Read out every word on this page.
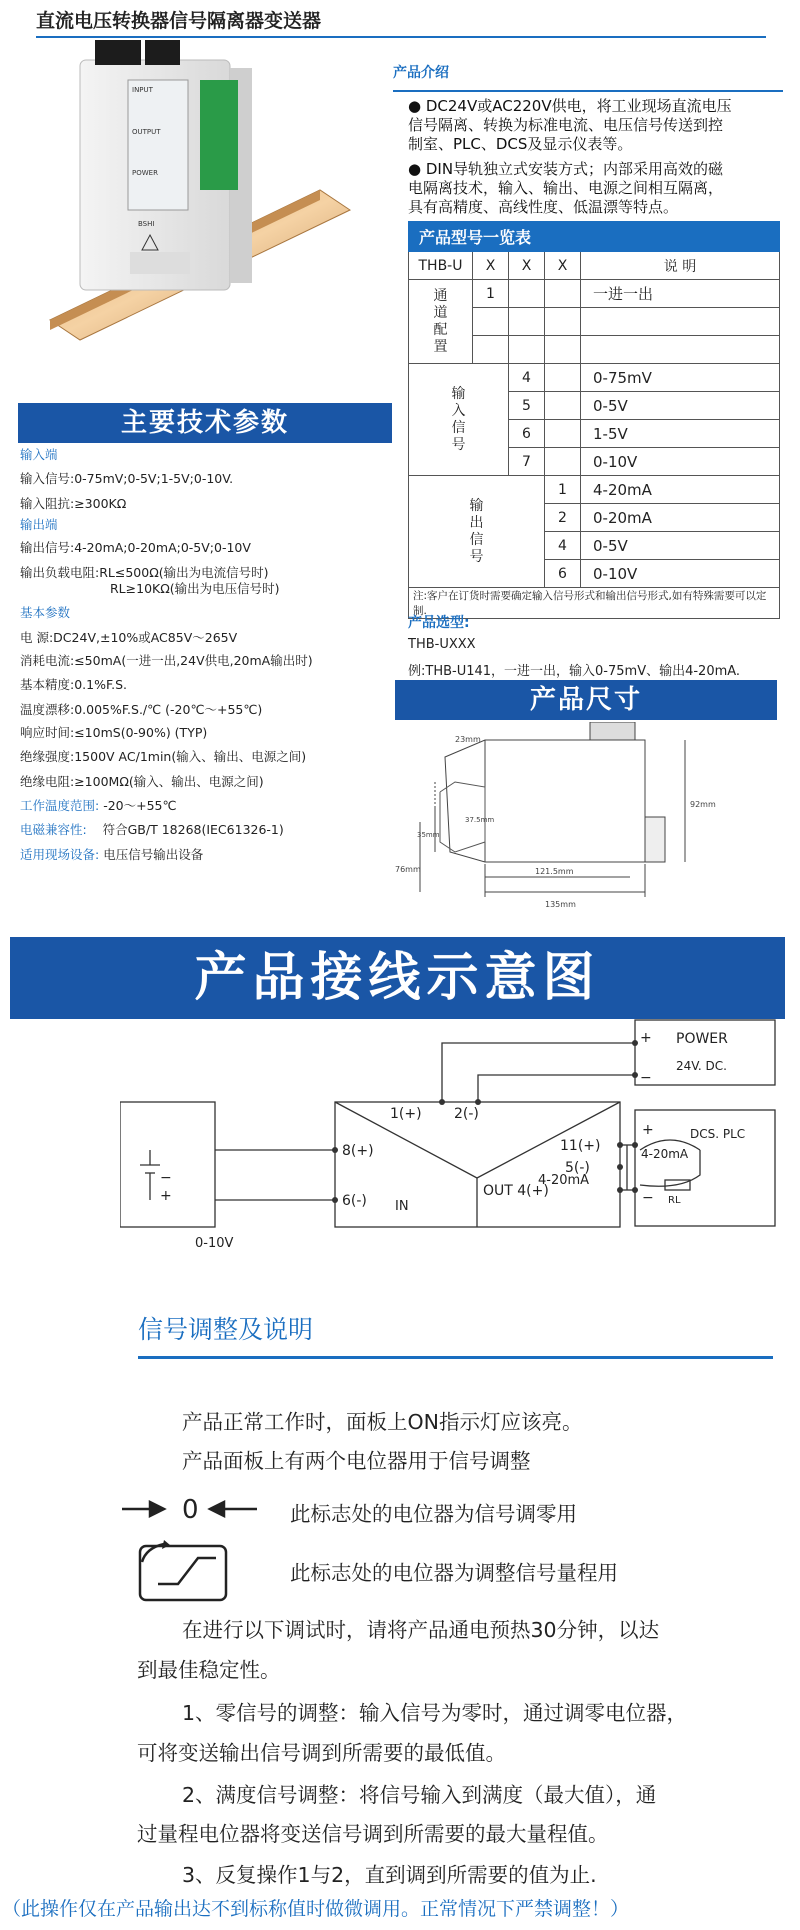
直流电压转换器信号隔离器变送器
INPUT
OUTPUT
POWER
BSHI
产品介绍
● DC24V或AC220V供电，将工业现场直流电压
信号隔离、转换为标准电流、电压信号传送到控
制室、PLC、DCS及显示仪表等。
● DIN导轨独立式安装方式；内部采用高效的磁
电隔离技术，输入、输出、电源之间相互隔离，
具有高精度、高线性度、低温漂等特点。
产品型号一览表				
THB-U	X	X	X	说 明
通
道
配
置	1			一进一出

输
入
信
号		4		0-75mV
		5		0-5V
		6		1-5V
		7		0-10V
输
出
信
号			1	4-20mA
			2	0-20mA
			4	0-5V
			6	0-10V
注:客户在订货时需要确定输入信号形式和输出信号形式,如有特殊需要可以定制.				
产品选型:
THB-UXXX
例:THB-U141，一进一出，输入0-75mV、输出4-20mA.
主要技术参数
输入端
输入信号:0-75mV;0-5V;1-5V;0-10V.
输入阻抗:≥300KΩ
输出端
输出信号:4-20mA;0-20mA;0-5V;0-10V
输出负载电阻:RL≤500Ω(输出为电流信号时)
RL≥10KΩ(输出为电压信号时)
基本参数
电 源:DC24V,±10%或AC85V～265V
消耗电流:≤50mA(一进一出,24V供电,20mA输出时)
基本精度:0.1%F.S.
温度漂移:0.005%F.S./℃ (-20℃～+55℃)
响应时间:≤10mS(0-90%) (TYP)
绝缘强度:1500V AC/1min(输入、输出、电源之间)
绝缘电阻:≥100MΩ(输入、输出、电源之间)
工作温度范围: -20～+55℃
电磁兼容性: 符合GB/T 18268(IEC61326-1)
适用现场设备: 电压信号输出设备
产品尺寸
23mm
92mm
37.5mm
35mm
76mm	121.5mm
135mm
产品接线示意图
+
−
POWER
24V. DC.
DCS. PLC
+
−
4-20mA
RL
1(+) 2(-)
8(+)
6(-) IN
11(+)
5(-)
OUT 4(+)
4-20mA
+
−
0-10V
信号调整及说明
产品正常工作时，面板上ON指示灯应该亮。
产品面板上有两个电位器用于信号调整
0	此标志处的电位器为信号调零用
此标志处的电位器为调整信号量程用
在进行以下调试时，请将产品通电预热30分钟，以达
到最佳稳定性。
1、零信号的调整：输入信号为零时，通过调零电位器，
可将变送输出信号调到所需要的最低值。
2、满度信号调整：将信号输入到满度（最大值），通
过量程电位器将变送信号调到所需要的最大量程值。
3、反复操作1与2，直到调到所需要的值为止.
（此操作仅在产品输出达不到标称值时做微调用。正常情况下严禁调整！）
